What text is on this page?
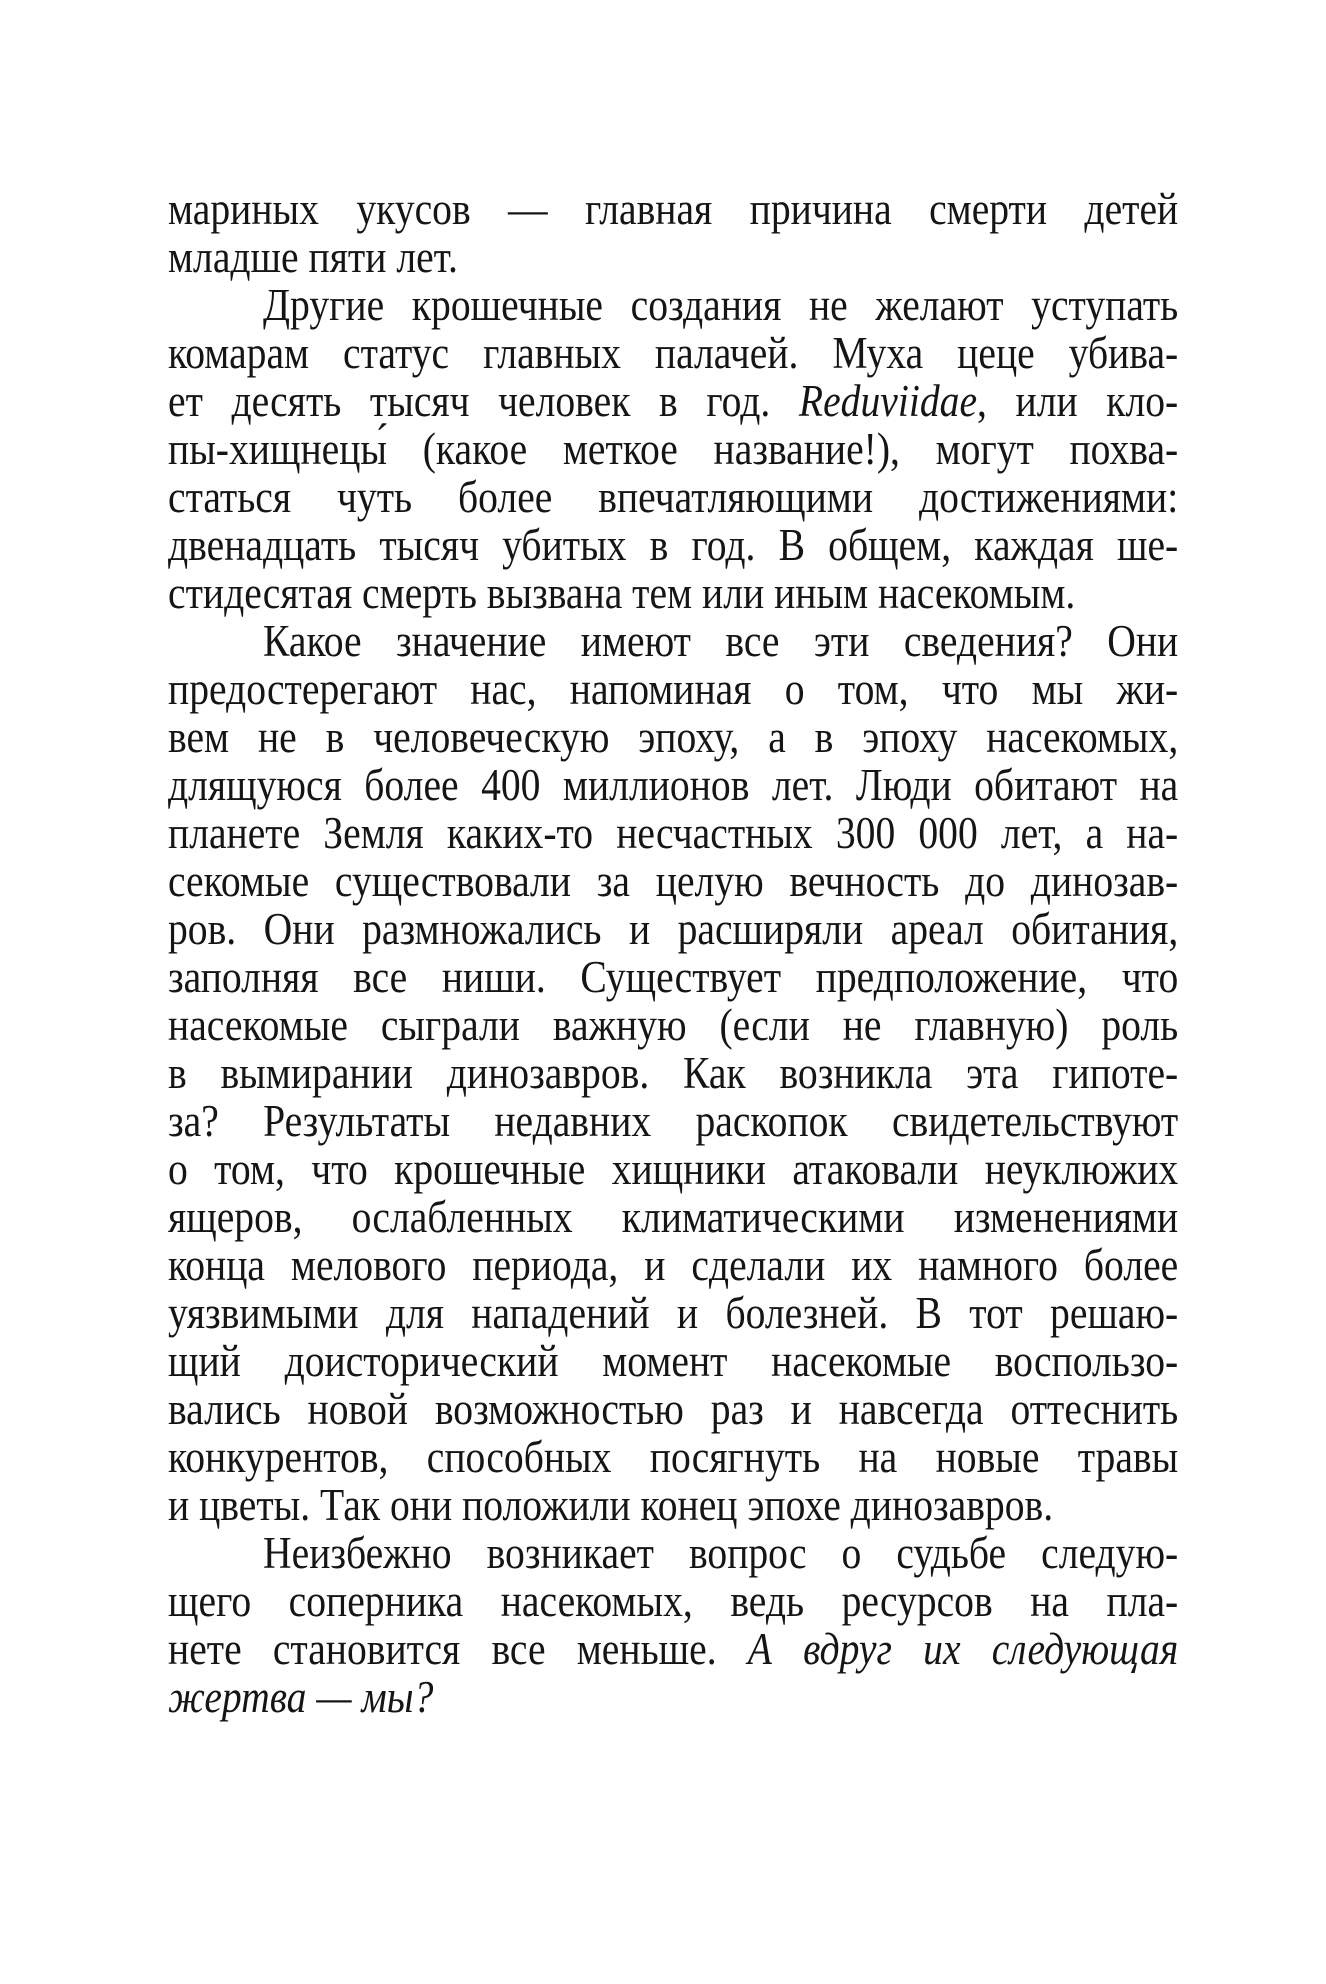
мариных укусов — главная причина смерти детей
младше пяти лет.
Другие крошечные создания не желают уступать
комарам статус главных палачей. Муха цеце убива-
ет десять тысяч человек в год. Reduviidae, или кло-
пы-хищнецы́ (какое меткое название!), могут похва-
статься чуть более впечатляющими достижениями:
двенадцать тысяч убитых в год. В общем, каждая ше-
стидесятая смерть вызвана тем или иным насекомым.
Какое значение имеют все эти сведения? Они
предостерегают нас, напоминая о том, что мы жи-
вем не в человеческую эпоху, а в эпоху насекомых,
длящуюся более 400 миллионов лет. Люди обитают на
планете Земля каких-то несчастных 300 000 лет, а на-
секомые существовали за целую вечность до динозав-
ров. Они размножались и расширяли ареал обитания,
заполняя все ниши. Существует предположение, что
насекомые сыграли важную (если не главную) роль
в вымирании динозавров. Как возникла эта гипоте-
за? Результаты недавних раскопок свидетельствуют
о том, что крошечные хищники атаковали неуклюжих
ящеров, ослабленных климатическими изменениями
конца мелового периода, и сделали их намного более
уязвимыми для нападений и болезней. В тот решаю-
щий доисторический момент насекомые воспользо-
вались новой возможностью раз и навсегда оттеснить
конкурентов, способных посягнуть на новые травы
и цветы. Так они положили конец эпохе динозавров.
Неизбежно возникает вопрос о судьбе следую-
щего соперника насекомых, ведь ресурсов на пла-
нете становится все меньше. А вдруг их следующая
жертва — мы?
